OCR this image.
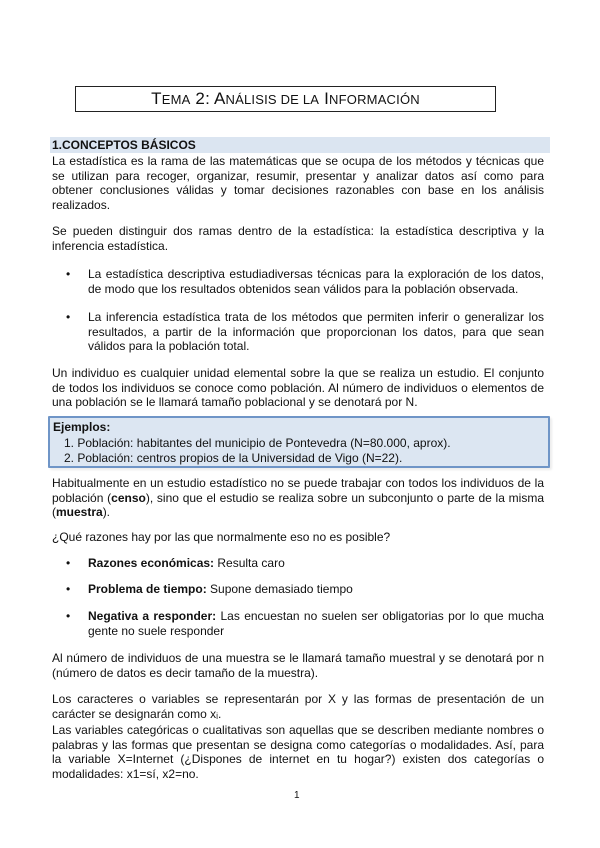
TEMA 2: ANÁLISIS DE LA INFORMACIÓN
1.CONCEPTOS BÁSICOS

La estadística es la rama de las matemáticas que se ocupa de los métodos y técnicas que se utilizan para recoger, organizar, resumir, presentar y analizar datos así como para obtener conclusiones válidas y tomar decisiones razonables con base en los análisis realizados.

Se pueden distinguir dos ramas dentro de la estadística: la estadística descriptiva y la inferencia estadística.

• La estadística descriptiva estudiadiversas técnicas para la exploración de los datos, de modo que los resultados obtenidos sean válidos para la población observada.

• La inferencia estadística trata de los métodos que permiten inferir o generalizar los resultados, a partir de la información que proporcionan los datos, para que sean válidos para la población total.

Un individuo es cualquier unidad elemental sobre la que se realiza un estudio. El conjunto de todos los individuos se conoce como población. Al número de individuos o elementos de una población se le llamará tamaño poblacional y se denotará por N.

Ejemplos:
1. Población: habitantes del municipio de Pontevedra (N=80.000, aprox).
2. Población: centros propios de la Universidad de Vigo (N=22).

Habitualmente en un estudio estadístico no se puede trabajar con todos los individuos de la población (censo), sino que el estudio se realiza sobre un subconjunto o parte de la misma (muestra).

¿Qué razones hay por las que normalmente eso no es posible?

• Razones económicas: Resulta caro

• Problema de tiempo: Supone demasiado tiempo

• Negativa a responder: Las encuestan no suelen ser obligatorias por lo que mucha gente no suele responder

Al número de individuos de una muestra se le llamará tamaño muestral y se denotará por n (número de datos es decir tamaño de la muestra).

Los caracteres o variables se representarán por X y las formas de presentación de un carácter se designarán como xᵢ.

Las variables categóricas o cualitativas son aquellas que se describen mediante nombres o palabras y las formas que presentan se designa como categorías o modalidades. Así, para la variable X=Internet (¿Dispones de internet en tu hogar?) existen dos categorías o modalidades: x1=sí, x2=no.

1
